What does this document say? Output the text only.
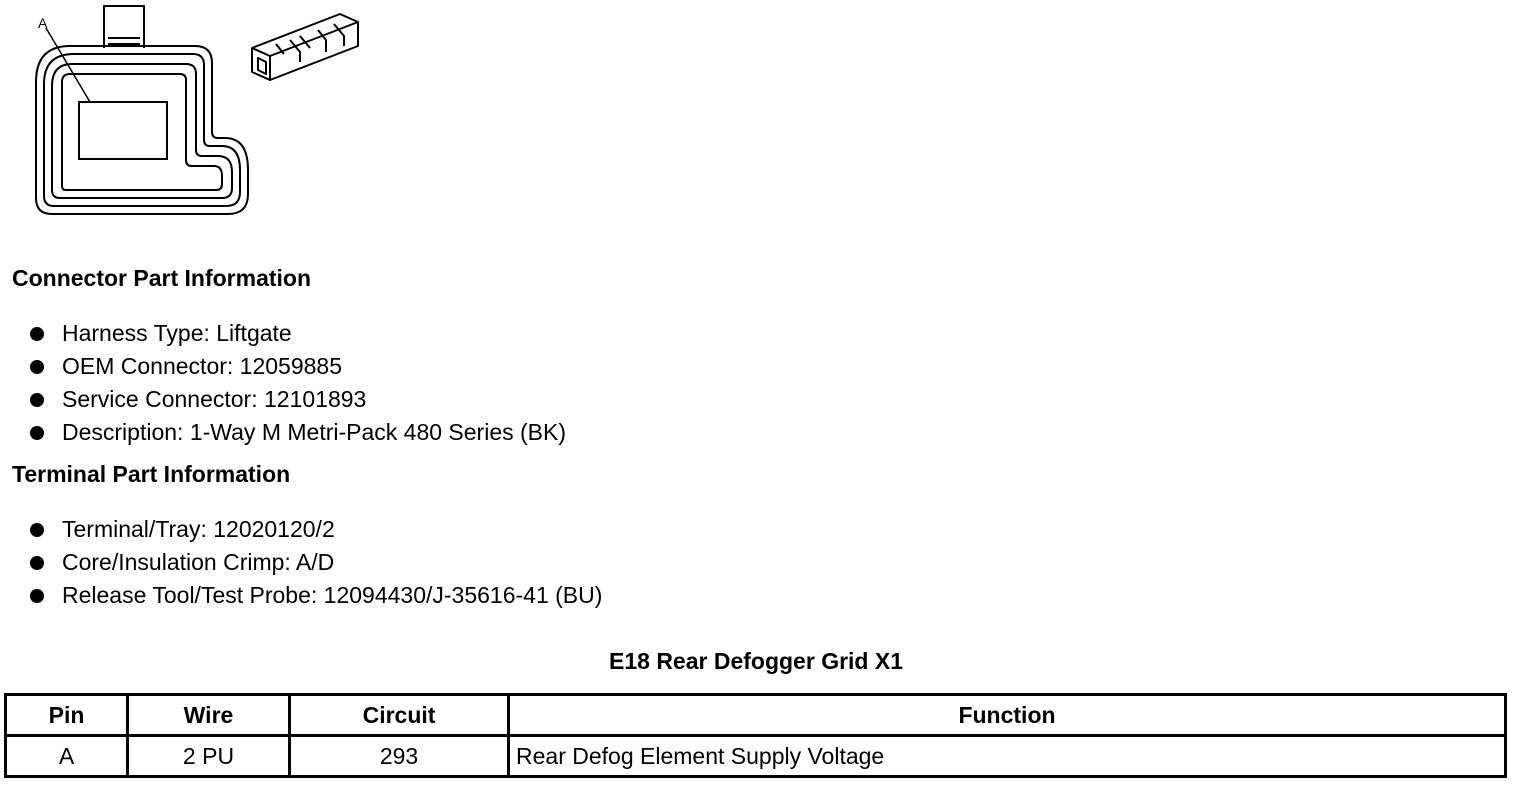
A
Connector Part Information
Harness Type: Liftgate
OEM Connector: 12059885
Service Connector: 12101893
Description: 1-Way M Metri-Pack 480 Series (BK)
Terminal Part Information
Terminal/Tray: 12020120/2
Core/Insulation Crimp: A/D
Release Tool/Test Probe: 12094430/J-35616-41 (BU)
E18 Rear Defogger Grid X1
Pin	Wire	Circuit	Function
A	2 PU	293	Rear Defog Element Supply Voltage
